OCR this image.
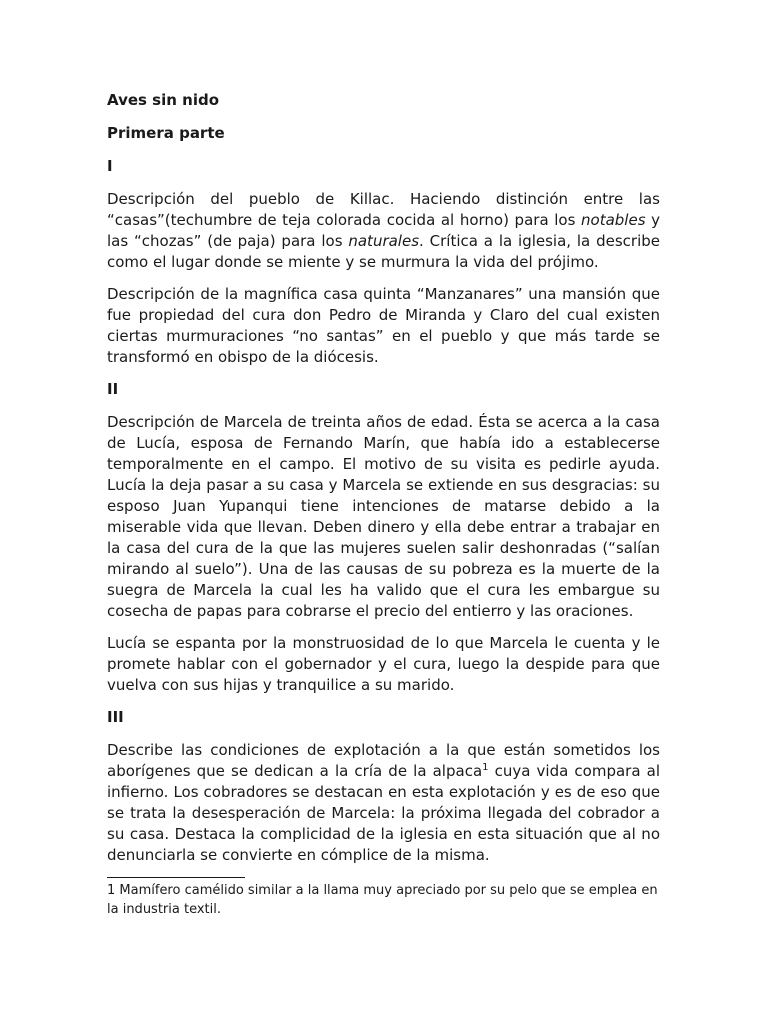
Aves sin nido
Primera parte
I

Descripción del pueblo de Killac. Haciendo distinción entre las “casas”(techumbre de teja colorada cocida al horno) para los notables y las “chozas” (de paja) para los naturales. Crítica a la iglesia, la describe como el lugar donde se miente y se murmura la vida del prójimo.

Descripción de la magnífica casa quinta “Manzanares” una mansión que fue propiedad del cura don Pedro de Miranda y Claro del cual existen ciertas murmuraciones “no santas” en el pueblo y que más tarde se transformó en obispo de la diócesis.

II

Descripción de Marcela de treinta años de edad. Ésta se acerca a la casa de Lucía, esposa de Fernando Marín, que había ido a establecerse temporalmente en el campo. El motivo de su visita es pedirle ayuda. Lucía la deja pasar a su casa y Marcela se extiende en sus desgracias: su esposo Juan Yupanqui tiene intenciones de matarse debido a la miserable vida que llevan. Deben dinero y ella debe entrar a trabajar en la casa del cura de la que las mujeres suelen salir deshonradas (“salían mirando al suelo”). Una de las causas de su pobreza es la muerte de la suegra de Marcela la cual les ha valido que el cura les embargue su cosecha de papas para cobrarse el precio del entierro y las oraciones.

Lucía se espanta por la monstruosidad de lo que Marcela le cuenta y le promete hablar con el gobernador y el cura, luego la despide para que vuelva con sus hijas y tranquilice a su marido.

III

Describe las condiciones de explotación a la que están sometidos los aborígenes que se dedican a la cría de la alpaca$^1$ cuya vida compara al infierno. Los cobradores se destacan en esta explotación y es de eso que se trata la desesperación de Marcela: la próxima llegada del cobrador a su casa. Destaca la complicidad de la iglesia en esta situación que al no denunciarla se convierte en cómplice de la misma.

1 Mamífero camélido similar a la llama muy apreciado por su pelo que se emplea en la industria textil.
